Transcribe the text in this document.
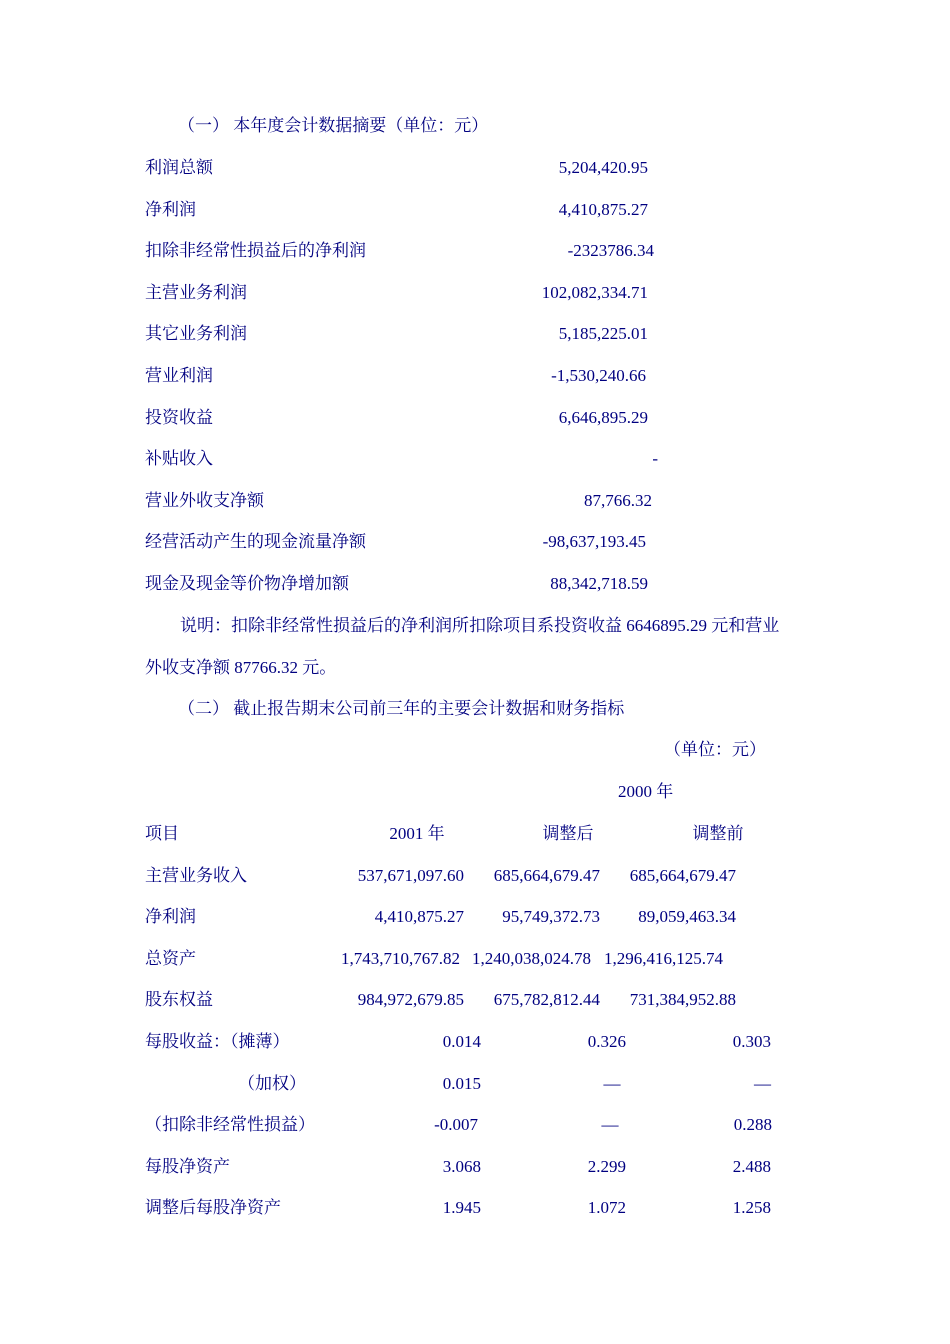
（一） 本年度会计数据摘要（单位：元）
利润总额	5,204,420.95
净利润	4,410,875.27
扣除非经常性损益后的净利润	-2323786.34
主营业务利润	102,082,334.71
其它业务利润	5,185,225.01
营业利润	-1,530,240.66
投资收益	6,646,895.29
补贴收入	-
营业外收支净额	87,766.32
经营活动产生的现金流量净额	-98,637,193.45
现金及现金等价物净增加额	88,342,718.59
说明：扣除非经常性损益后的净利润所扣除项目系投资收益 6646895.29 元和营业
外收支净额 87766.32 元。
（二） 截止报告期末公司前三年的主要会计数据和财务指标
（单位：元）
2000 年
项目	2001 年	调整后	调整前
主营业务收入	537,671,097.60	685,664,679.47	685,664,679.47
净利润	4,410,875.27	95,749,372.73	89,059,463.34
总资产	1,743,710,767.82 1,240,038,024.78 1,296,416,125.74
股东权益	984,972,679.85	675,782,812.44	731,384,952.88
每股收益：（摊薄）	0.014	0.326	0.303
（加权）	0.015	—	—
（扣除非经常性损益）	-0.007	—	0.288
每股净资产	3.068	2.299	2.488
调整后每股净资产	1.945	1.072	1.258
